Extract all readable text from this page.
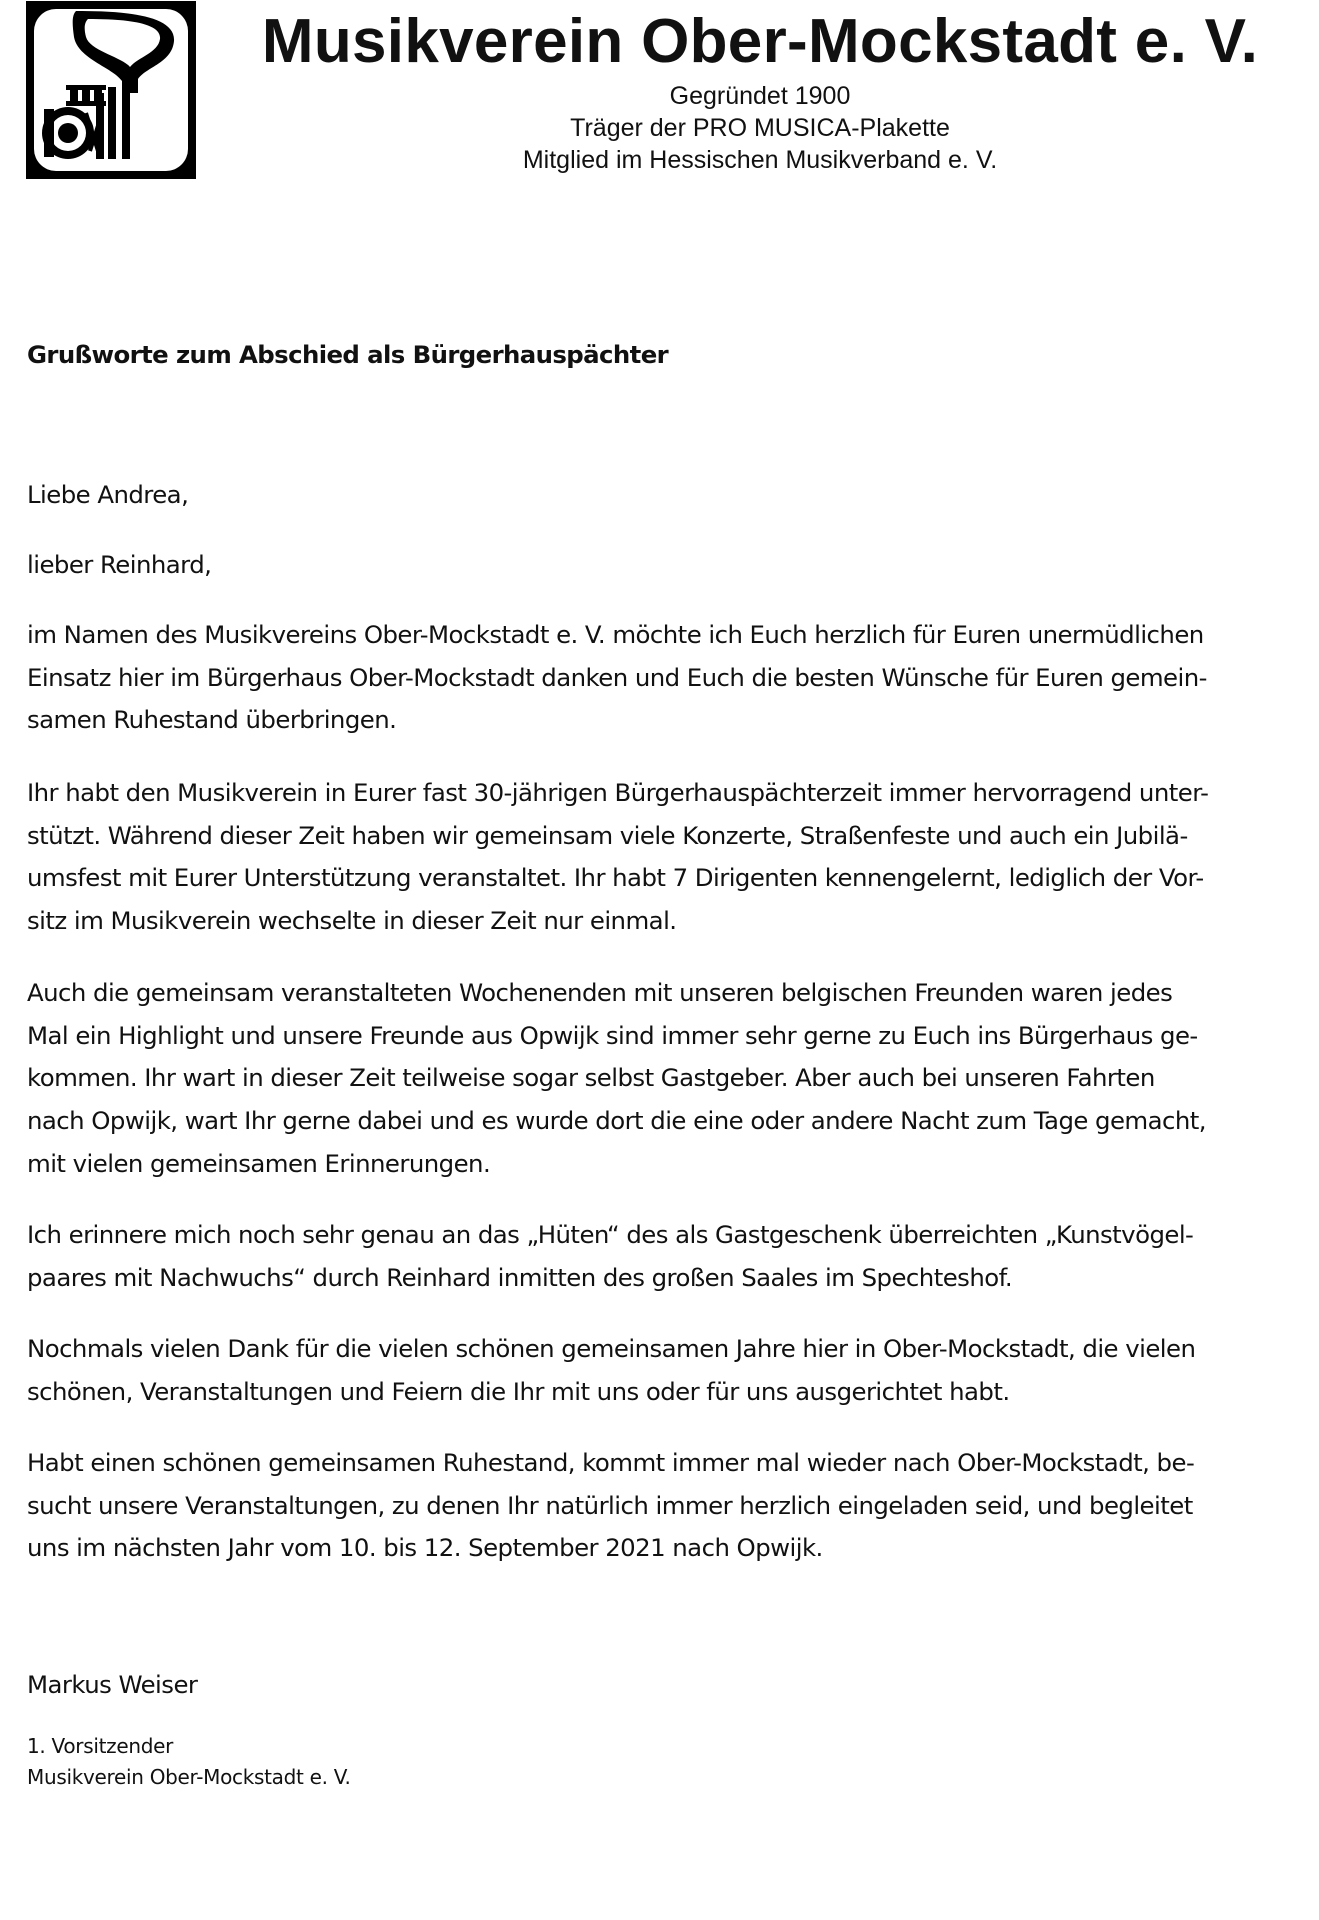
Musikverein Ober-Mockstadt e. V.
Gegründet 1900
Träger der PRO MUSICA-Plakette
Mitglied im Hessischen Musikverband e. V.
Grußworte zum Abschied als Bürgerhauspächter
Liebe Andrea,
lieber Reinhard,

im Namen des Musikvereins Ober-Mockstadt e. V. möchte ich Euch herzlich für Euren unermüdlichen
Einsatz hier im Bürgerhaus Ober-Mockstadt danken und Euch die besten Wünsche für Euren gemein-
samen Ruhestand überbringen.

Ihr habt den Musikverein in Eurer fast 30-jährigen Bürgerhauspächterzeit immer hervorragend unter-
stützt. Während dieser Zeit haben wir gemeinsam viele Konzerte, Straßenfeste und auch ein Jubilä-
umsfest mit Eurer Unterstützung veranstaltet. Ihr habt 7 Dirigenten kennengelernt, lediglich der Vor-
sitz im Musikverein wechselte in dieser Zeit nur einmal.

Auch die gemeinsam veranstalteten Wochenenden mit unseren belgischen Freunden waren jedes
Mal ein Highlight und unsere Freunde aus Opwijk sind immer sehr gerne zu Euch ins Bürgerhaus ge-
kommen. Ihr wart in dieser Zeit teilweise sogar selbst Gastgeber. Aber auch bei unseren Fahrten
nach Opwijk, wart Ihr gerne dabei und es wurde dort die eine oder andere Nacht zum Tage gemacht,
mit vielen gemeinsamen Erinnerungen.

Ich erinnere mich noch sehr genau an das „Hüten“ des als Gastgeschenk überreichten „Kunstvögel-
paares mit Nachwuchs“ durch Reinhard inmitten des großen Saales im Spechteshof.

Nochmals vielen Dank für die vielen schönen gemeinsamen Jahre hier in Ober-Mockstadt, die vielen
schönen, Veranstaltungen und Feiern die Ihr mit uns oder für uns ausgerichtet habt.

Habt einen schönen gemeinsamen Ruhestand, kommt immer mal wieder nach Ober-Mockstadt, be-
sucht unsere Veranstaltungen, zu denen Ihr natürlich immer herzlich eingeladen seid, und begleitet
uns im nächsten Jahr vom 10. bis 12. September 2021 nach Opwijk.

Markus Weiser
1. Vorsitzender
Musikverein Ober-Mockstadt e. V.
